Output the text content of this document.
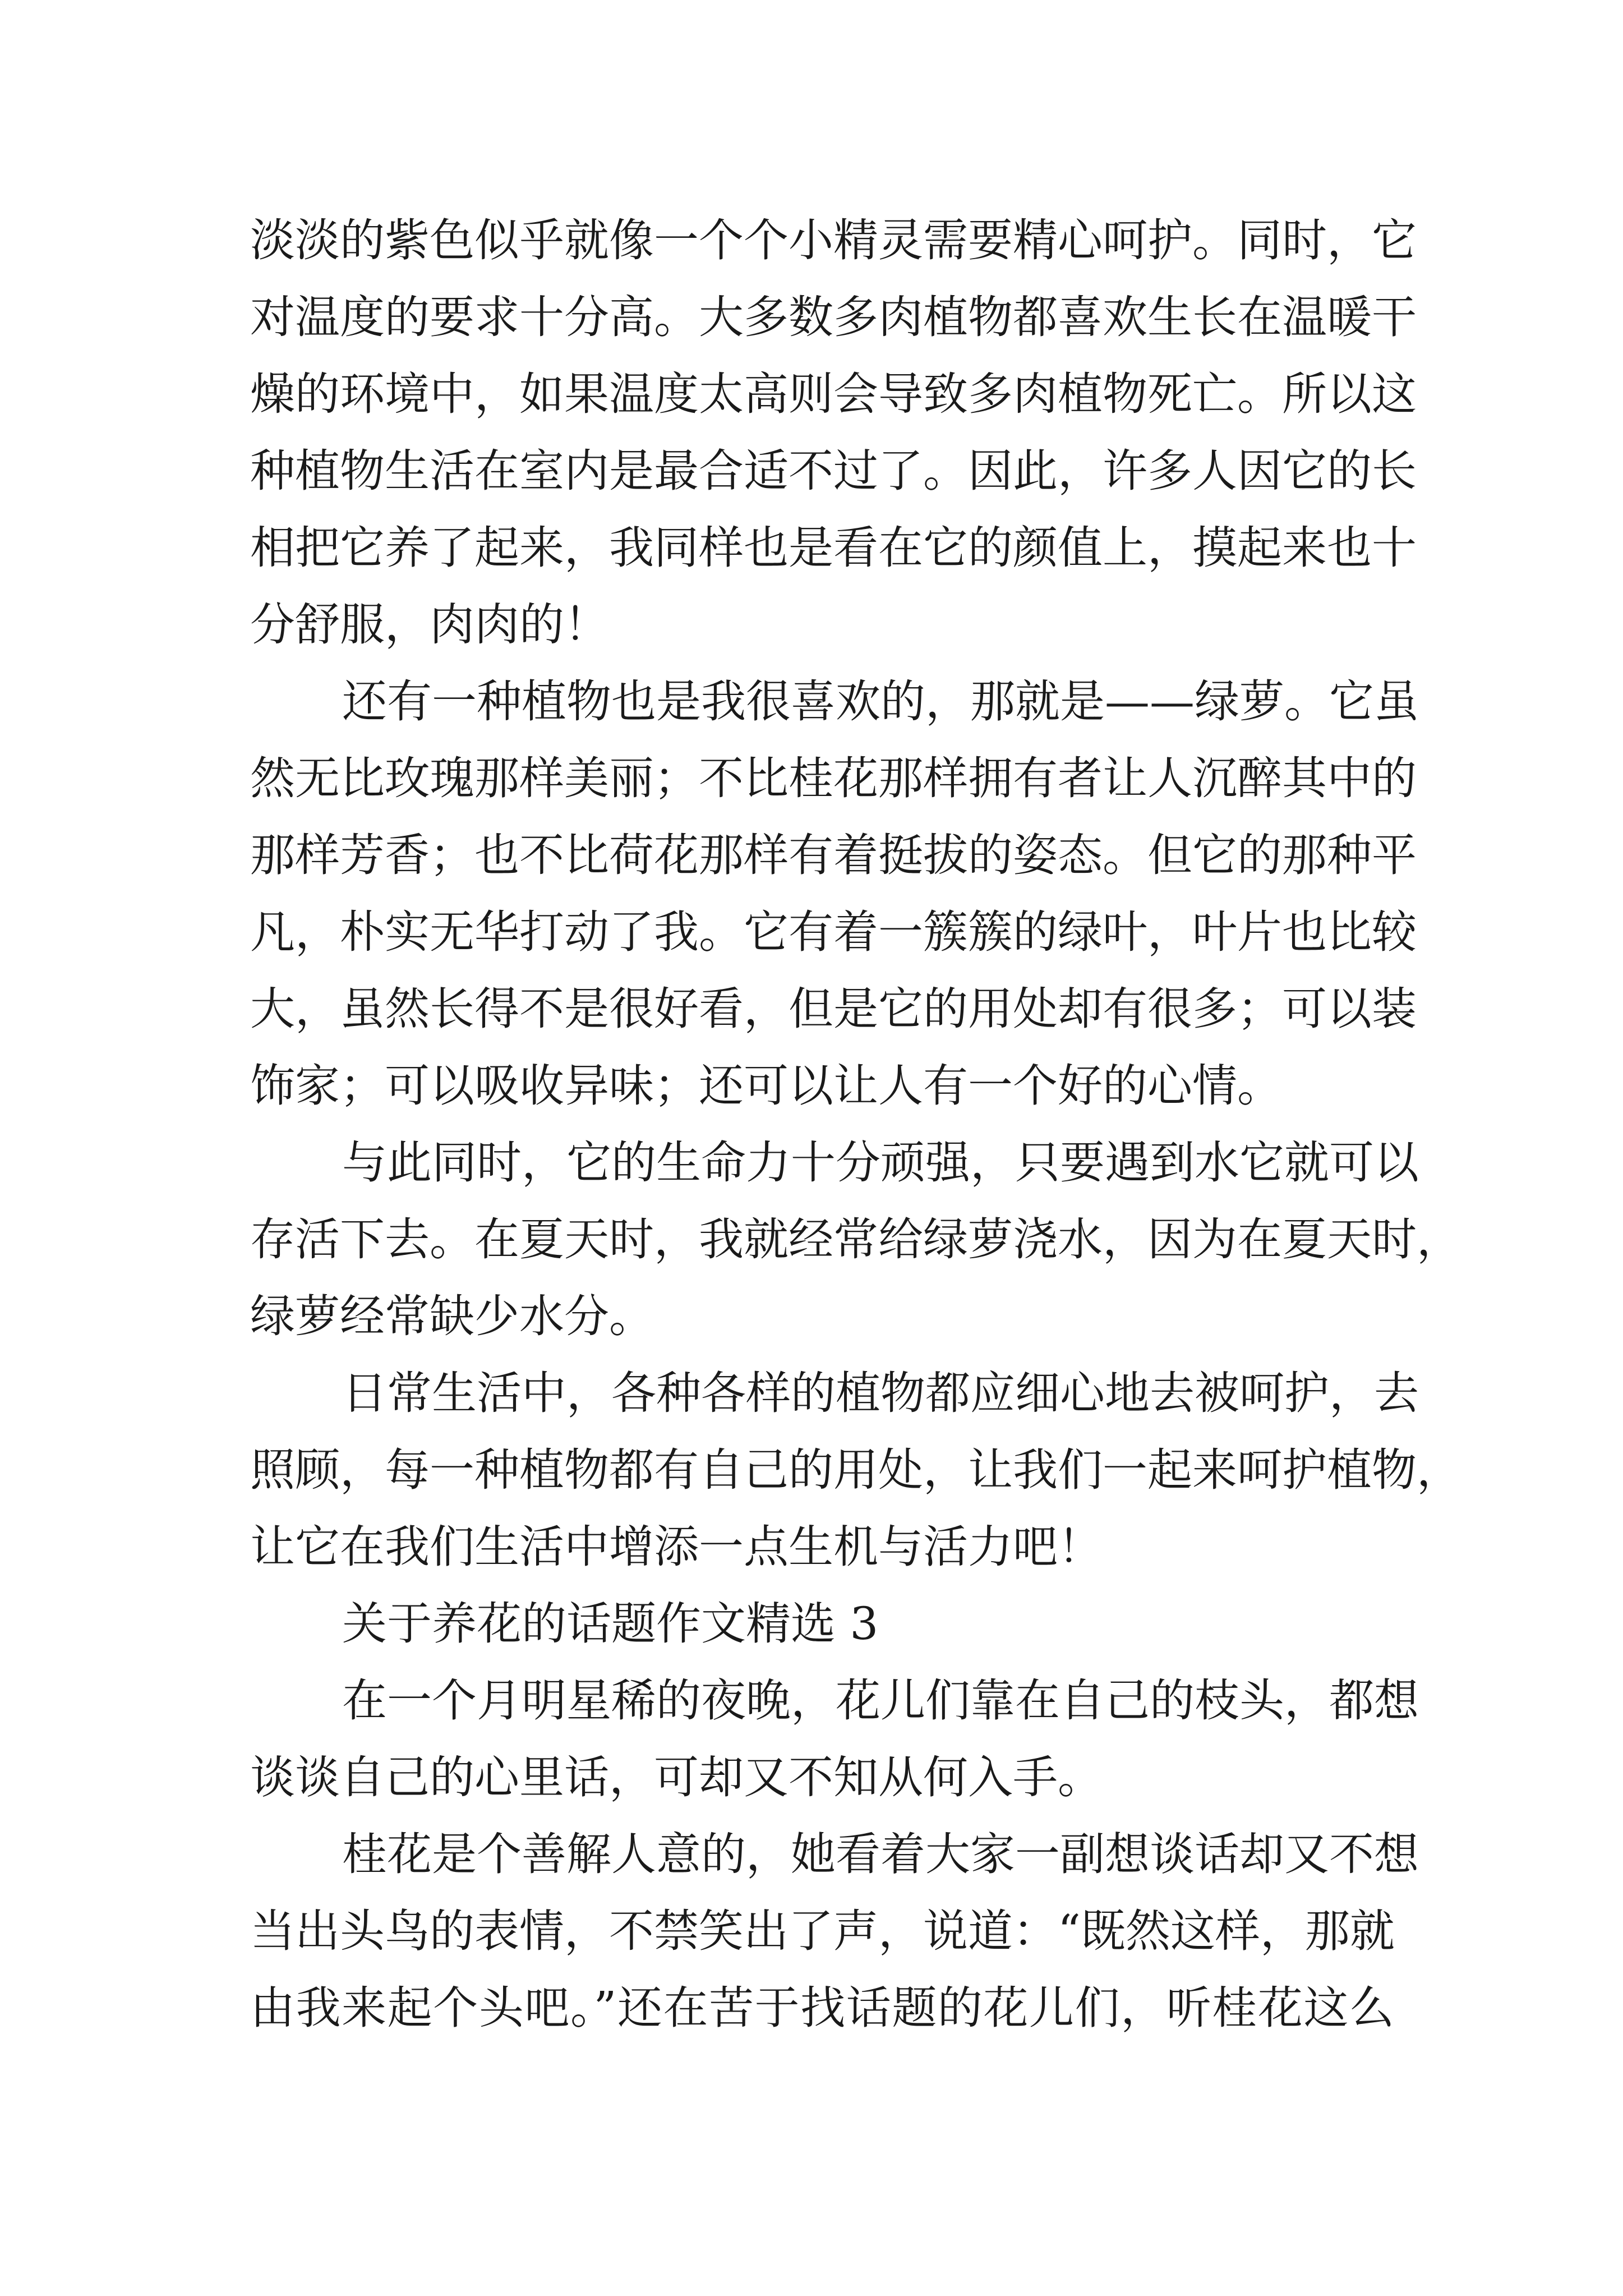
淡淡的紫色似乎就像一个个小精灵需要精心呵护。同时，它
对温度的要求十分高。大多数多肉植物都喜欢生长在温暖干
燥的环境中，如果温度太高则会导致多肉植物死亡。所以这
种植物生活在室内是最合适不过了。因此，许多人因它的长
相把它养了起来，我同样也是看在它的颜值上，摸起来也十
分舒服，肉肉的！
还有一种植物也是我很喜欢的，那就是——绿萝。它虽
然无比玫瑰那样美丽；不比桂花那样拥有者让人沉醉其中的
那样芳香；也不比荷花那样有着挺拔的姿态。但它的那种平
凡，朴实无华打动了我。它有着一簇簇的绿叶，叶片也比较
大，虽然长得不是很好看，但是它的用处却有很多；可以装
饰家；可以吸收异味；还可以让人有一个好的心情。
与此同时，它的生命力十分顽强，只要遇到水它就可以
存活下去。在夏天时，我就经常给绿萝浇水，因为在夏天时，
绿萝经常缺少水分。
日常生活中，各种各样的植物都应细心地去被呵护，去
照顾，每一种植物都有自己的用处，让我们一起来呵护植物，
让它在我们生活中增添一点生机与活力吧！
关于养花的话题作文精选 3
在一个月明星稀的夜晚，花儿们靠在自己的枝头，都想
谈谈自己的心里话，可却又不知从何入手。
桂花是个善解人意的，她看着大家一副想谈话却又不想
当出头鸟的表情，不禁笑出了声，说道：“既然这样，那就
由我来起个头吧。”还在苦于找话题的花儿们，听桂花这么
